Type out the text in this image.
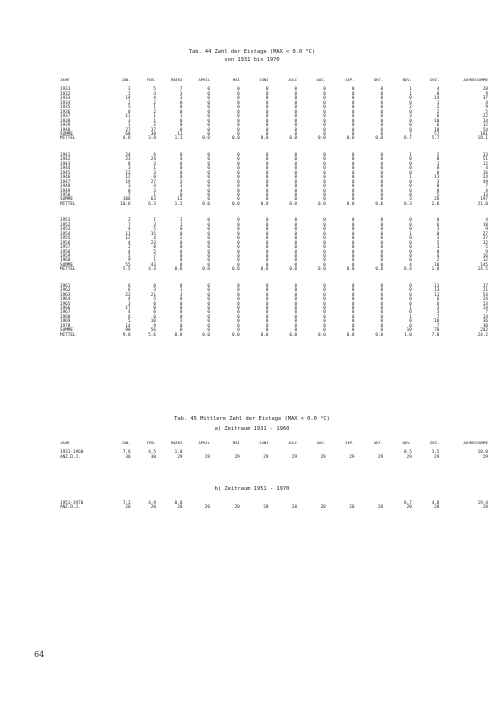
Tab. 44 Zahl der Eistage (MAX < 0.0 °C)
von 1931 bis 1970
JAHR	JAN.	FEB.	MAERZ	APRIL	MAI	JUNI	JULI	AUG.	SEP.	OKT.	NOV.	DEZ.	JAHRESSUMME

1931	3	5	7	0	0	0	0	0	0	0	1	4	20
1932	2	3	3	0	0	0	0	0	0	0	1	0	9
1933	14	4	3	0	0	0	0	0	0	0	0	14	37
1934	2	2	0	0	0	0	0	0	0	0	0	1	4
1935	5	1	0	0	0	0	0	0	0	0	2	2	9
1936	0	2	0	0	0	0	0	0	0	0	0	2	5
1937	11	1	1	0	0	0	0	0	0	0	3	6	22
1938	3	1	0	0	0	0	0	0	0	0	0	10	14
1939	1	2	0	0	0	0	0	0	0	0	0	6	12
1940	27	17	0	0	0	0	0	0	0	0	0	10	54
SUMME	68	38	11	0	0	0	0	0	0	0	7	57	181
MITTEL	6.8	3.8	1.1	0.0	0.0	0.0	0.0	0.0	0.0	0.0	0.7	5.7	18.1

1941	24	6	0	0	0	0	0	0	0	0	1	2	33
1942	23	24	4	0	0	0	0	0	0	0	0	0	51
1943	8	3	0	0	0	0	0	0	0	0	0	1	12
1944	3	1	0	0	0	0	0	0	0	0	0	0	4
1945	13	3	0	0	0	0	0	0	0	0	0	0	16
1946	12	0	0	0	0	0	0	0	0	0	1	11	24
1947	19	27	3	0	0	0	0	0	0	0	0	3	49
1948	3	4	3	0	0	0	0	0	0	0	0	0	7
1949	0	3	4	0	0	0	0	0	0	0	0	0	4
1950	7	1	0	0	0	0	0	0	0	0	0	5	13
SUMME	106	63	12	0	0	0	0	0	0	0	3	26	197
MITTEL	10.6	6.3	1.2	0.0	0.0	0.0	0.0	0.0	0.0	0.0	0.3	2.6	21.0

1951	2	1	1	0	0	0	0	0	0	0	0	0	4
1952	7	3	1	0	0	0	0	0	0	0	0	6	18
1953	4	5	0	0	0	0	0	0	0	0	0	3	9
1954	11	15	0	0	0	0	0	0	0	0	1	0	27
1955	12	4	2	0	0	0	0	0	0	0	0	3	27
1956	4	23	0	0	0	0	0	0	0	0	0	5	32
1957	2	0	0	0	0	0	0	0	0	0	0	3	5
1958	4	5	0	0	0	0	0	0	0	0	0	0	9
1959	5	7	0	0	0	0	0	0	0	0	0	4	16
1960	9	1	0	0	0	0	0	0	0	0	0	2	12
SUMME	55	43	8	0	0	0	0	0	0	0	4	18	145
MITTEL	5.5	4.3	0.8	0.0	0.0	0.0	0.0	0.0	0.0	0.0	0.4	1.8	14.5

1961	6	0	0	0	0	0	0	0	0	0	0	11	17
1962	6	3	1	0	0	0	0	0	0	0	0	13	21
1963	22	21	3	0	0	0	0	0	0	0	0	11	54
1964	4	5	0	0	0	0	0	0	0	0	0	6	24
1965	3	0	0	0	0	0	0	0	0	0	0	6	13
1966	17	0	0	0	0	0	0	0	0	0	1	3	24
1967	4	0	0	0	0	0	0	0	0	0	0	3	7
1968	6	0	0	0	0	0	0	0	0	0	1	7	14
1969	5	10	3	0	0	0	0	0	0	0	0	18	36
1970	14	9	0	0	0	0	0	0	0	0	0	7	30
SUMME	90	56	8	0	0	0	0	0	0	0	10	78	242
MITTEL	9.0	5.6	0.8	0.0	0.0	0.0	0.0	0.0	0.0	0.0	1.0	7.8	24.2
Tab. 45 Mittlere Zahl der Eistage (MAX < 0.0 °C)
a) Zeitraum 1931 - 1960
JAHR	JAN.	FEB.	MAERZ	APRIL	MAI	JUNI	JULI	AUG.	SEP.	OKT.	NOV.	DEZ.	JAHRESSUMME

1931-1960	7.6	4.5	1.0								0.5	3.5	18.0
ANZ.D.J.	30	30	29	29	29	29	29	29	29	29	29	29	29
b) Zeitraum 1951 - 1970
1951-1970	7.3	4.9	0.8								0.7	4.8	19.4
ANZ.D.J.	20	20	20	20	20	20	20	20	20	20	20	20	20
64
